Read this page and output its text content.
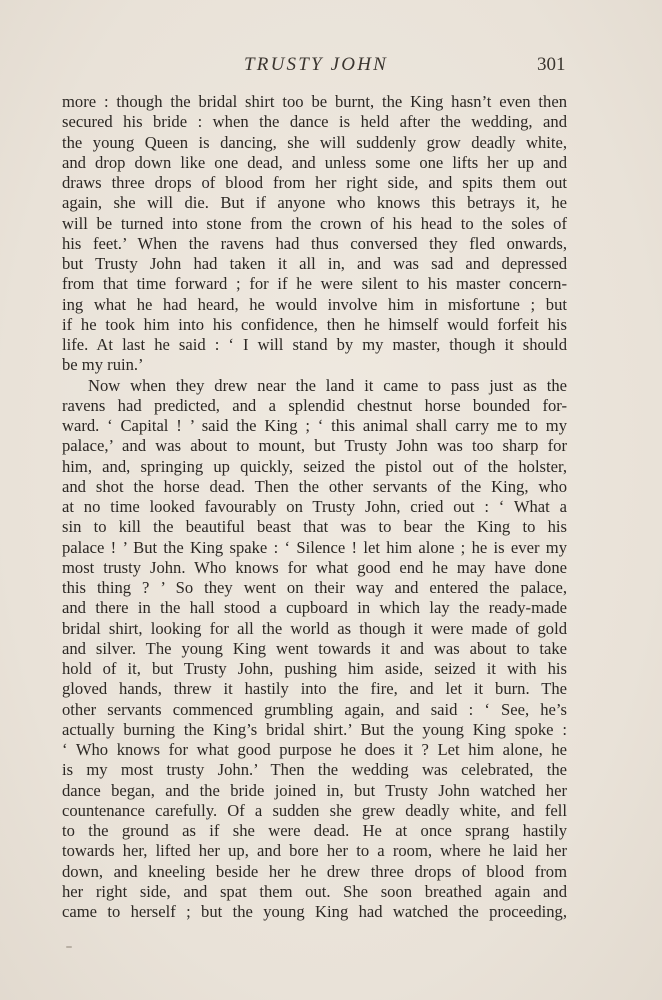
TRUSTY JOHN	301
more : though the bridal shirt too be burnt, the King hasn’t even then
secured his bride : when the dance is held after the wedding, and
the young Queen is dancing, she will suddenly grow deadly white,
and drop down like one dead, and unless some one lifts her up and
draws three drops of blood from her right side, and spits them out
again, she will die. But if anyone who knows this betrays it, he
will be turned into stone from the crown of his head to the soles of
his feet.’ When the ravens had thus conversed they fled onwards,
but Trusty John had taken it all in, and was sad and depressed
from that time forward ; for if he were silent to his master concern-
ing what he had heard, he would involve him in misfortune ; but
if he took him into his confidence, then he himself would forfeit his
life. At last he said : ‘ I will stand by my master, though it should
be my ruin.’
Now when they drew near the land it came to pass just as the
ravens had predicted, and a splendid chestnut horse bounded for-
ward. ‘ Capital ! ’ said the King ; ‘ this animal shall carry me to my
palace,’ and was about to mount, but Trusty John was too sharp for
him, and, springing up quickly, seized the pistol out of the holster,
and shot the horse dead. Then the other servants of the King, who
at no time looked favourably on Trusty John, cried out : ‘ What a
sin to kill the beautiful beast that was to bear the King to his
palace ! ’ But the King spake : ‘ Silence ! let him alone ; he is ever my
most trusty John. Who knows for what good end he may have done
this thing ? ’ So they went on their way and entered the palace,
and there in the hall stood a cupboard in which lay the ready-made
bridal shirt, looking for all the world as though it were made of gold
and silver. The young King went towards it and was about to take
hold of it, but Trusty John, pushing him aside, seized it with his
gloved hands, threw it hastily into the fire, and let it burn. The
other servants commenced grumbling again, and said : ‘ See, he’s
actually burning the King’s bridal shirt.’ But the young King spoke :
‘ Who knows for what good purpose he does it ? Let him alone, he
is my most trusty John.’ Then the wedding was celebrated, the
dance began, and the bride joined in, but Trusty John watched her
countenance carefully. Of a sudden she grew deadly white, and fell
to the ground as if she were dead. He at once sprang hastily
towards her, lifted her up, and bore her to a room, where he laid her
down, and kneeling beside her he drew three drops of blood from
her right side, and spat them out. She soon breathed again and
came to herself ; but the young King had watched the proceeding,
